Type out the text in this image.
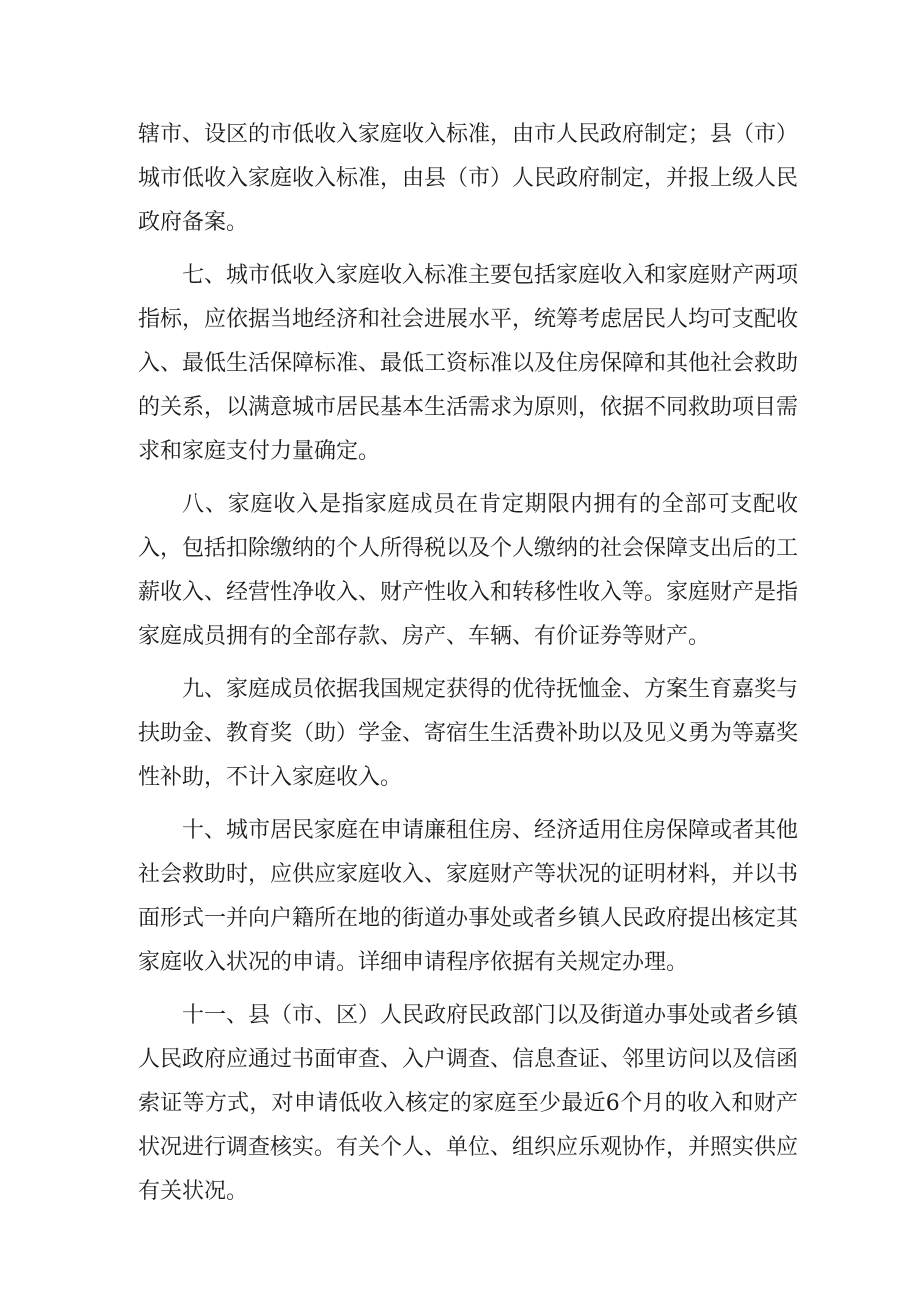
辖市、设区的市低收入家庭收入标准，由市人民政府制定；县（市）城市低收入家庭收入标准，由县（市）人民政府制定，并报上级人民政府备案。

七、城市低收入家庭收入标准主要包括家庭收入和家庭财产两项指标，应依据当地经济和社会进展水平，统筹考虑居民人均可支配收入、最低生活保障标准、最低工资标准以及住房保障和其他社会救助的关系，以满意城市居民基本生活需求为原则，依据不同救助项目需求和家庭支付力量确定。

八、家庭收入是指家庭成员在肯定期限内拥有的全部可支配收入，包括扣除缴纳的个人所得税以及个人缴纳的社会保障支出后的工薪收入、经营性净收入、财产性收入和转移性收入等。家庭财产是指家庭成员拥有的全部存款、房产、车辆、有价证券等财产。

九、家庭成员依据我国规定获得的优待抚恤金、方案生育嘉奖与扶助金、教育奖（助）学金、寄宿生生活费补助以及见义勇为等嘉奖性补助，不计入家庭收入。

十、城市居民家庭在申请廉租住房、经济适用住房保障或者其他社会救助时，应供应家庭收入、家庭财产等状况的证明材料，并以书面形式一并向户籍所在地的街道办事处或者乡镇人民政府提出核定其家庭收入状况的申请。详细申请程序依据有关规定办理。

十一、县（市、区）人民政府民政部门以及街道办事处或者乡镇人民政府应通过书面审查、入户调查、信息查证、邻里访问以及信函索证等方式，对申请低收入核定的家庭至少最近6个月的收入和财产状况进行调查核实。有关个人、单位、组织应乐观协作，并照实供应有关状况。
